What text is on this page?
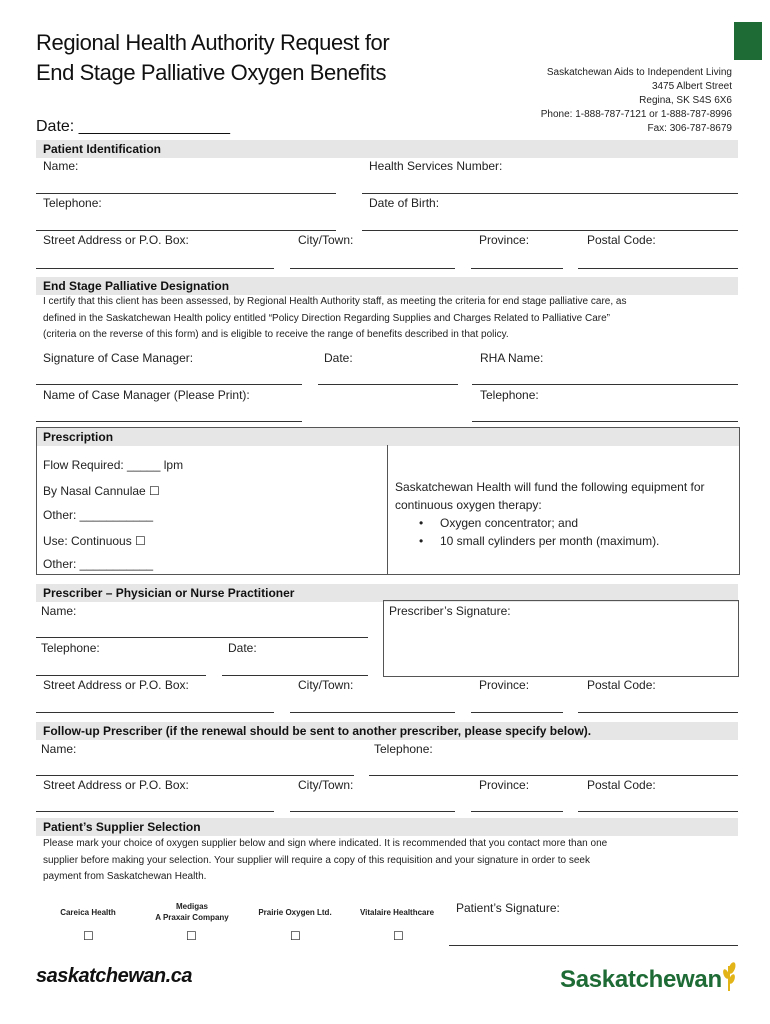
Regional Health Authority Request for
End Stage Palliative Oxygen Benefits	Saskatchewan Aids to Independent Living
3475 Albert Street
Regina, SK S4S 6X6
Phone: 1-888-787-7121 or 1-888-787-8996
Fax: 306-787-8679
Date: _________________
Patient Identification
Name:	Health Services Number:
Telephone:	Date of Birth:
Street Address or P.O. Box:	City/Town:	Province:	Postal Code:
End Stage Palliative Designation
I certify that this client has been assessed, by Regional Health Authority staff, as meeting the criteria for end stage palliative care, as
defined in the Saskatchewan Health policy entitled “Policy Direction Regarding Supplies and Charges Related to Palliative Care”
(criteria on the reverse of this form) and is eligible to receive the range of benefits described in that policy.
Signature of Case Manager:	Date:	RHA Name:
Name of Case Manager (Please Print):	Telephone:
Prescription
Flow Required: _____ lpm
By Nasal Cannulae ☐
Other: ___________
Use: Continuous ☐
Other: ___________
Saskatchewan Health will fund the following equipment for
continuous oxygen therapy:
• Oxygen concentrator; and
• 10 small cylinders per month (maximum).
Prescriber – Physician or Nurse Practitioner
Name:	Prescriber’s Signature:
Telephone:	Date:
Street Address or P.O. Box:	City/Town:	Province:	Postal Code:
Follow-up Prescriber (if the renewal should be sent to another prescriber, please specify below).
Name:	Telephone:
Street Address or P.O. Box:	City/Town:	Province:	Postal Code:
Patient’s Supplier Selection
Please mark your choice of oxygen supplier below and sign where indicated. It is recommended that you contact more than one
supplier before making your selection. Your supplier will require a copy of this requisition and your signature in order to seek
payment from Saskatchewan Health.
Careica Health
Medigas
A Praxair Company
Prairie Oxygen Ltd.	Vitalaire Healthcare
☐	☐	☐	☐
Patient’s Signature:
saskatchewan.ca	Saskatchewan
